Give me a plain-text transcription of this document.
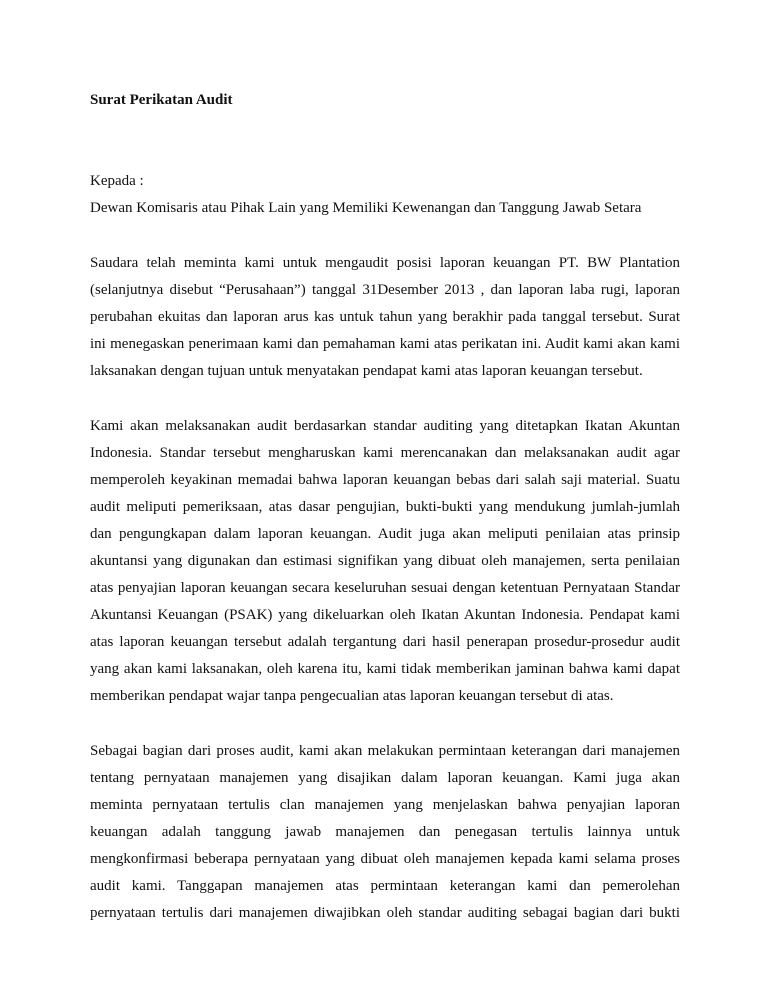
Surat Perikatan Audit
Kepada :
Dewan Komisaris atau Pihak Lain yang Memiliki Kewenangan dan Tanggung Jawab Setara
Saudara telah meminta kami untuk mengaudit posisi laporan keuangan PT. BW Plantation
(selanjutnya disebut “Perusahaan”) tanggal 31Desember 2013 , dan laporan laba rugi, laporan
perubahan ekuitas dan laporan arus kas untuk tahun yang berakhir pada tanggal tersebut. Surat
ini menegaskan penerimaan kami dan pemahaman kami atas perikatan ini. Audit kami akan kami
laksanakan dengan tujuan untuk menyatakan pendapat kami atas laporan keuangan tersebut.
Kami akan melaksanakan audit berdasarkan standar auditing yang ditetapkan Ikatan Akuntan
Indonesia. Standar tersebut mengharuskan kami merencanakan dan melaksanakan audit agar
memperoleh keyakinan memadai bahwa laporan keuangan bebas dari salah saji material. Suatu
audit meliputi pemeriksaan, atas dasar pengujian, bukti-bukti yang mendukung jumlah-jumlah
dan pengungkapan dalam laporan keuangan. Audit juga akan meliputi penilaian atas prinsip
akuntansi yang digunakan dan estimasi signifikan yang dibuat oleh manajemen, serta penilaian
atas penyajian laporan keuangan secara keseluruhan sesuai dengan ketentuan Pernyataan Standar
Akuntansi Keuangan (PSAK) yang dikeluarkan oleh Ikatan Akuntan Indonesia. Pendapat kami
atas laporan keuangan tersebut adalah tergantung dari hasil penerapan prosedur-prosedur audit
yang akan kami laksanakan, oleh karena itu, kami tidak memberikan jaminan bahwa kami dapat
memberikan pendapat wajar tanpa pengecualian atas laporan keuangan tersebut di atas.
Sebagai bagian dari proses audit, kami akan melakukan permintaan keterangan dari manajemen
tentang pernyataan manajemen yang disajikan dalam laporan keuangan. Kami juga akan
meminta pernyataan tertulis clan manajemen yang menjelaskan bahwa penyajian laporan
keuangan adalah tanggung jawab manajemen dan penegasan tertulis lainnya untuk
mengkonfirmasi beberapa pernyataan yang dibuat oleh manajemen kepada kami selama proses
audit kami. Tanggapan manajemen atas permintaan keterangan kami dan pemerolehan
pernyataan tertulis dari manajemen diwajibkan oleh standar auditing sebagai bagian dari bukti
